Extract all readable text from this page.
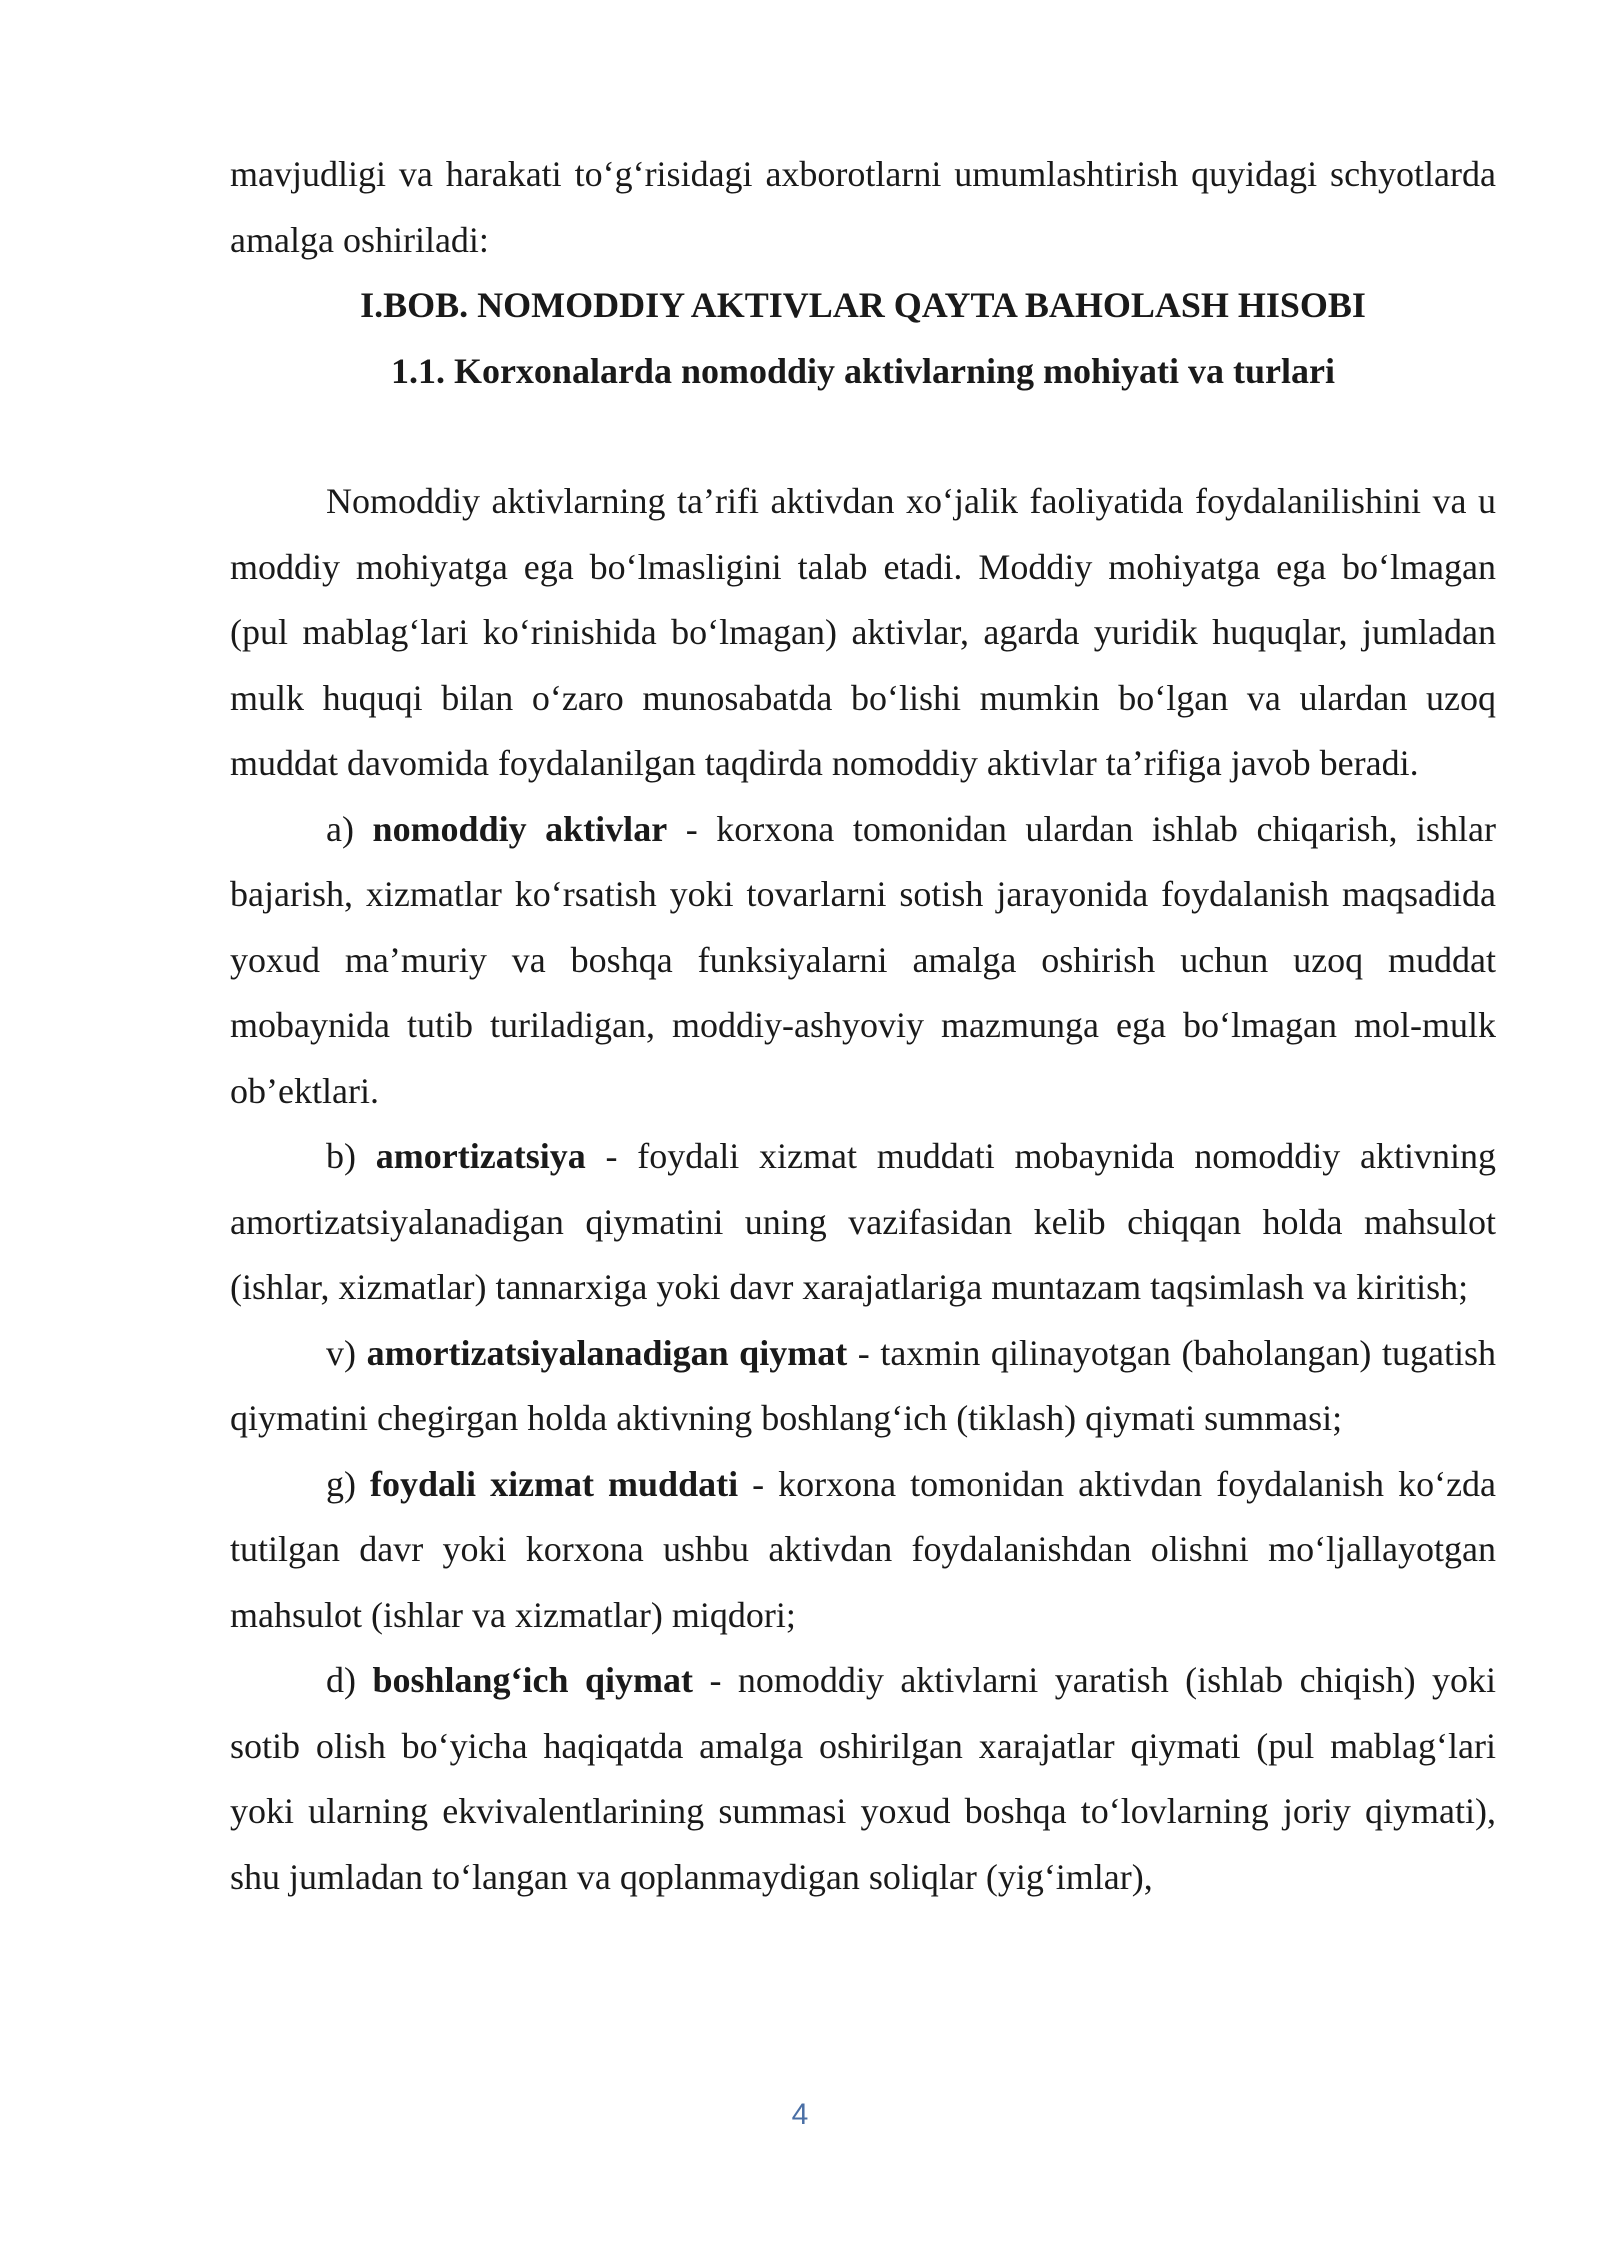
mavjudligi va harakati to‘g‘risidagi axborotlarni umumlashtirish quyidagi schyotlarda amalga oshiriladi:

I.BOB. NOMODDIY AKTIVLAR QAYTA BAHOLASH HISOBI

1.1. Korxonalarda nomoddiy aktivlarning mohiyati va turlari

Nomoddiy aktivlarning ta’rifi aktivdan xo‘jalik faoliyatida foydalanilishini va u moddiy mohiyatga ega bo‘lmasligini talab etadi. Moddiy mohiyatga ega bo‘lmagan (pul mablag‘lari ko‘rinishida bo‘lmagan) aktivlar, agarda yuridik huquqlar, jumladan mulk huquqi bilan o‘zaro munosabatda bo‘lishi mumkin bo‘lgan va ulardan uzoq muddat davomida foydalanilgan taqdirda nomoddiy aktivlar ta’rifiga javob beradi.

a) nomoddiy aktivlar - korxona tomonidan ulardan ishlab chiqarish, ishlar bajarish, xizmatlar ko‘rsatish yoki tovarlarni sotish jarayonida foydalanish maqsadida yoxud ma’muriy va boshqa funksiyalarni amalga oshirish uchun uzoq muddat mobaynida tutib turiladigan, moddiy-ashyoviy mazmunga ega bo‘lmagan mol-mulk ob’ektlari.

b) amortizatsiya - foydali xizmat muddati mobaynida nomoddiy aktivning amortizatsiyalanadigan qiymatini uning vazifasidan kelib chiqqan holda mahsulot (ishlar, xizmatlar) tannarxiga yoki davr xarajatlariga muntazam taqsimlash va kiritish;

v) amortizatsiyalanadigan qiymat - taxmin qilinayotgan (baholangan) tugatish qiymatini chegirgan holda aktivning boshlang‘ich (tiklash) qiymati summasi;

g) foydali xizmat muddati - korxona tomonidan aktivdan foydalanish ko‘zda tutilgan davr yoki korxona ushbu aktivdan foydalanishdan olishni mo‘ljallayotgan mahsulot (ishlar va xizmatlar) miqdori;

d) boshlang‘ich qiymat - nomoddiy aktivlarni yaratish (ishlab chiqish) yoki sotib olish bo‘yicha haqiqatda amalga oshirilgan xarajatlar qiymati (pul mablag‘lari yoki ularning ekvivalentlarining summasi yoxud boshqa to‘lovlarning joriy qiymati), shu jumladan to‘langan va qoplanmaydigan soliqlar (yig‘imlar),

4
